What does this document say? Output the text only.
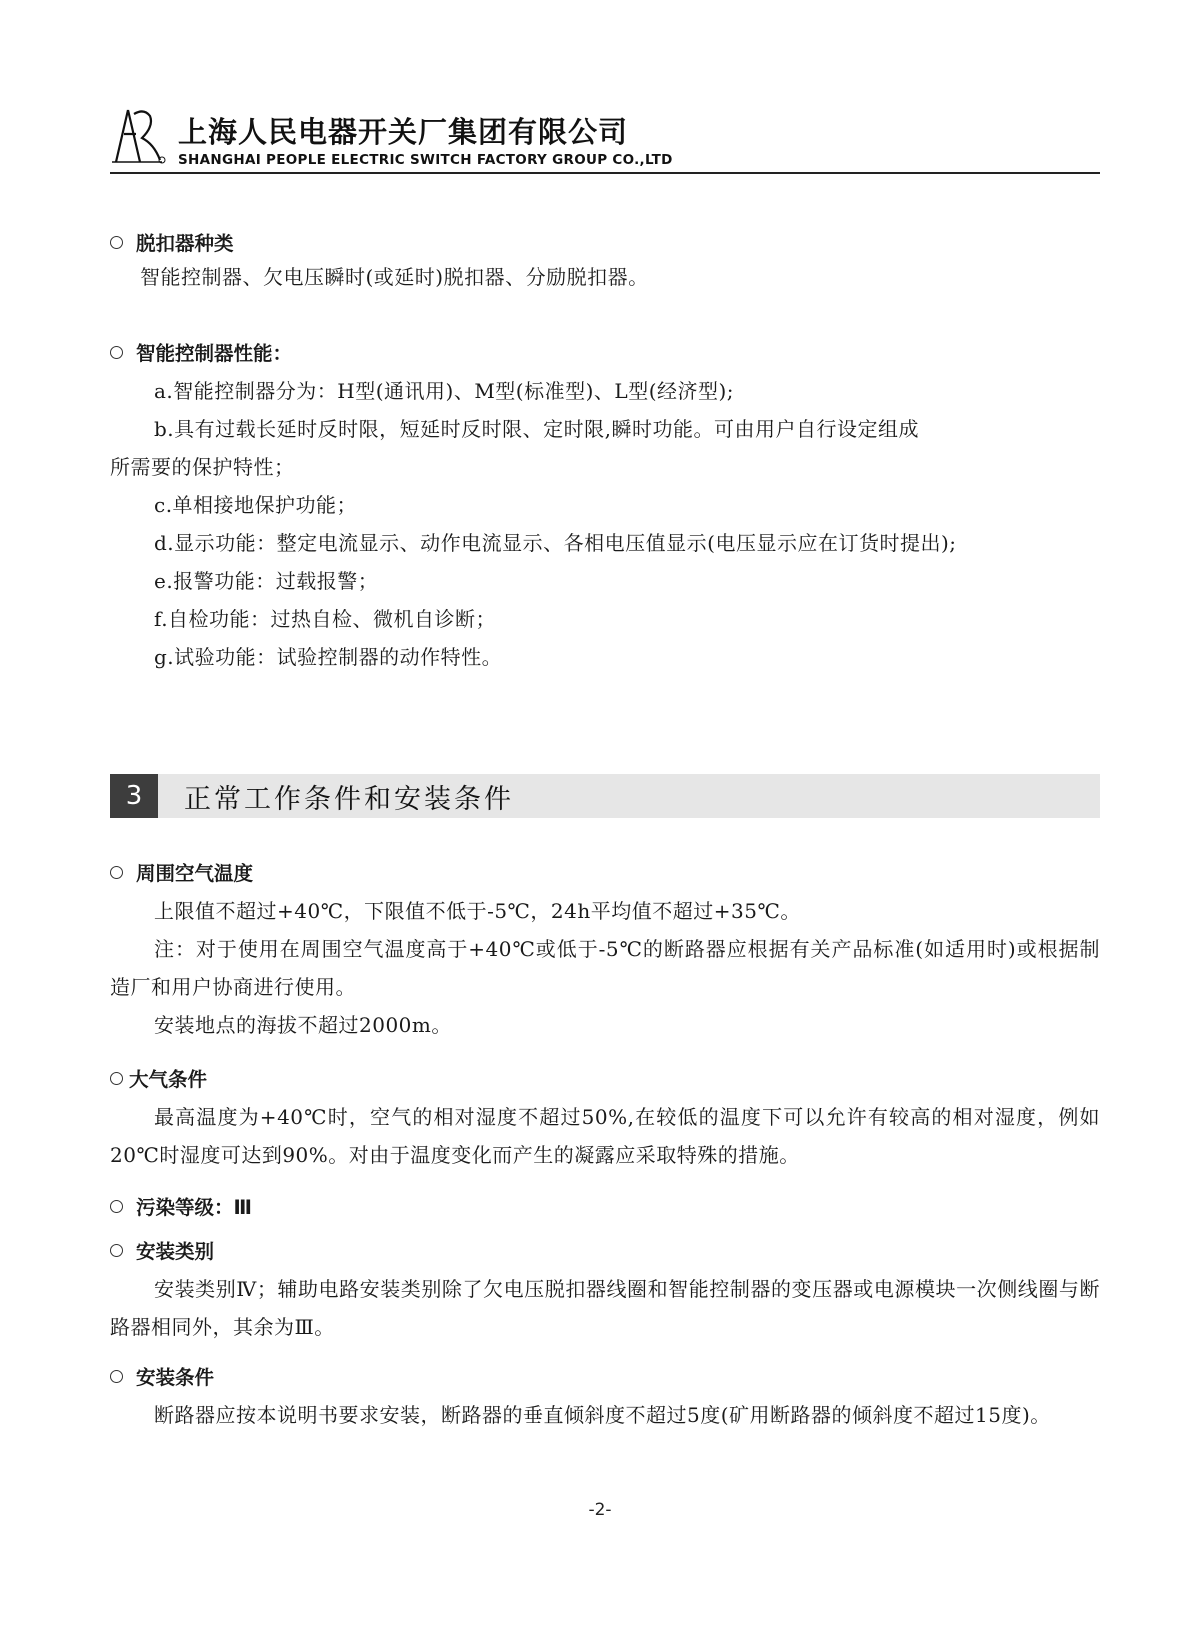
上海人民电器开关厂集团有限公司
SHANGHAI PEOPLE ELECTRIC SWITCH FACTORY GROUP CO.,LTD
脱扣器种类

智能控制器、欠电压瞬时(或延时)脱扣器、分励脱扣器。

智能控制器性能：

a.智能控制器分为：H型(通讯用)、M型(标准型)、L型(经济型);

b.具有过载长延时反时限，短延时反时限、定时限,瞬时功能。可由用户自行设定组成

所需要的保护特性；

c.单相接地保护功能；

d.显示功能：整定电流显示、动作电流显示、各相电压值显示(电压显示应在订货时提出);

e.报警功能：过载报警；

f.自检功能：过热自检、微机自诊断；

g.试验功能：试验控制器的动作特性。

3	正常工作条件和安装条件
周围空气温度

上限值不超过+40℃，下限值不低于-5℃，24h平均值不超过+35℃。

注：对于使用在周围空气温度高于+40℃或低于-5℃的断路器应根据有关产品标准(如适用时)或根据制造厂和用户协商进行使用。

安装地点的海拔不超过2000m。

大气条件

最高温度为+40℃时，空气的相对湿度不超过50%,在较低的温度下可以允许有较高的相对湿度，例如20℃时湿度可达到90%。对由于温度变化而产生的凝露应采取特殊的措施。

污染等级：Ⅲ
安装类别

安装类别Ⅳ；辅助电路安装类别除了欠电压脱扣器线圈和智能控制器的变压器或电源模块一次侧线圈与断路器相同外，其余为Ⅲ。

安装条件

断路器应按本说明书要求安装，断路器的垂直倾斜度不超过5度(矿用断路器的倾斜度不超过15度)。

-2-
